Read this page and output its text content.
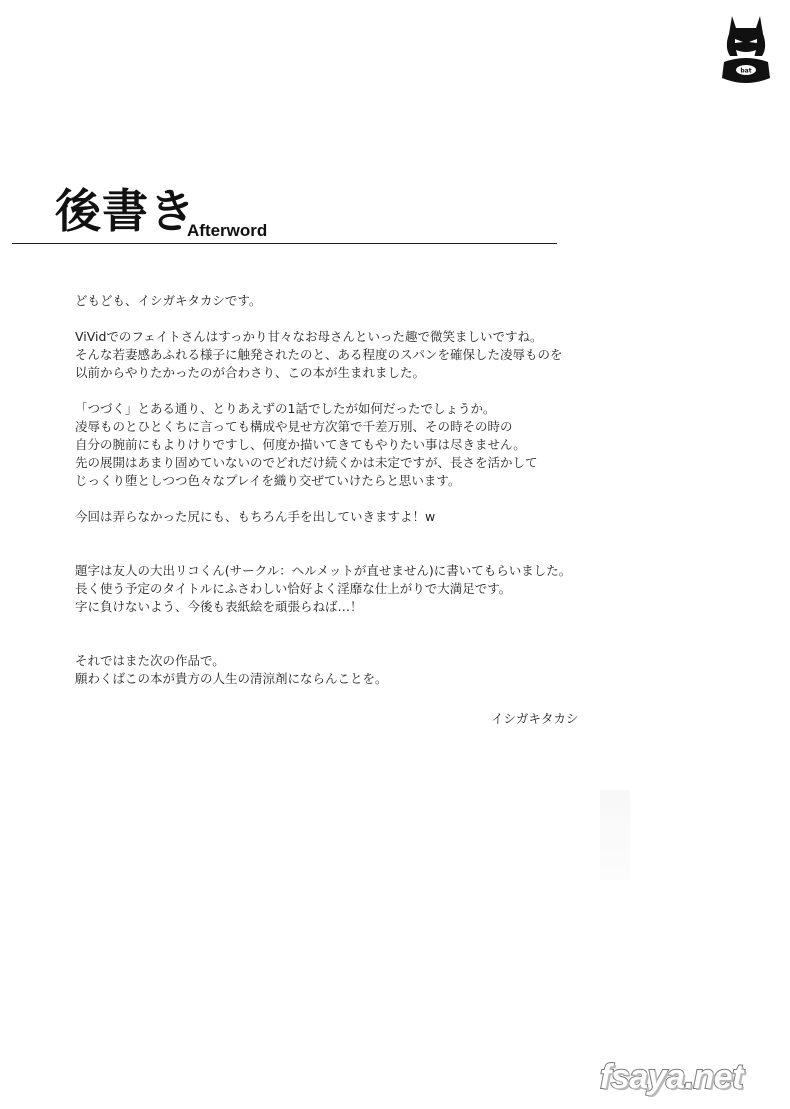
bat
後書き
Afterword
どもども、イシガキタカシです。
ViVidでのフェイトさんはすっかり甘々なお母さんといった趣で微笑ましいですね。
そんな若妻感あふれる様子に触発されたのと、ある程度のスパンを確保した凌辱ものを
以前からやりたかったのが合わさり、この本が生まれました。
「つづく」とある通り、とりあえずの1話でしたが如何だったでしょうか。
凌辱ものとひとくちに言っても構成や見せ方次第で千差万別、その時その時の
自分の腕前にもよりけりですし、何度か描いてきてもやりたい事は尽きません。
先の展開はあまり固めていないのでどれだけ続くかは未定ですが、長さを活かして
じっくり堕としつつ色々なプレイを織り交ぜていけたらと思います。
今回は弄らなかった尻にも、もちろん手を出していきますよ！w
題字は友人の大出リコくん(サークル：ヘルメットが直せません)に書いてもらいました。
長く使う予定のタイトルにふさわしい恰好よく淫靡な仕上がりで大満足です。
字に負けないよう、今後も表紙絵を頑張らねば…！
それではまた次の作品で。
願わくばこの本が貴方の人生の清涼剤にならんことを。
イシガキタカシ
fsaya.net
